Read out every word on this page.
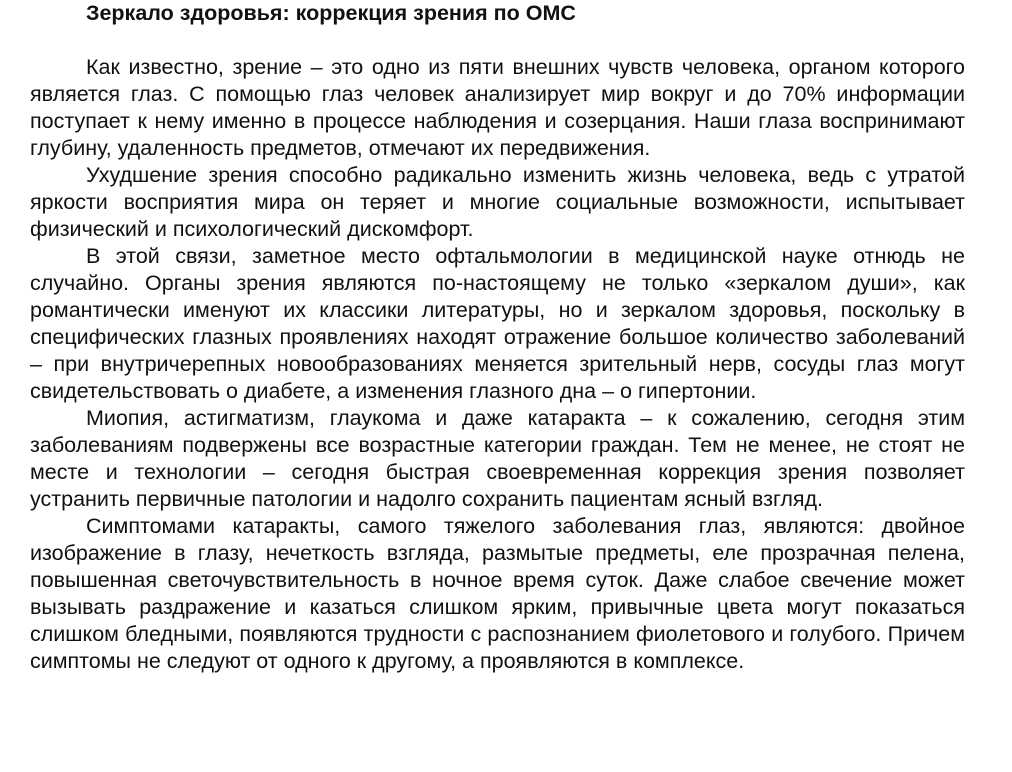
Зеркало здоровья: коррекция зрения по ОМС

Как известно, зрение – это одно из пяти внешних чувств человека, органом которого является глаз. С помощью глаз человек анализирует мир вокруг и до 70% информации поступает к нему именно в процессе наблюдения и созерцания. Наши глаза воспринимают глубину, удаленность предметов, отмечают их передвижения.

Ухудшение зрения способно радикально изменить жизнь человека, ведь с утратой яркости восприятия мира он теряет и многие социальные возможности, испытывает физический и психологический дискомфорт.

В этой связи, заметное место офтальмологии в медицинской науке отнюдь не случайно. Органы зрения являются по-настоящему не только «зеркалом души», как романтически именуют их классики литературы, но и зеркалом здоровья, поскольку в специфических глазных проявлениях находят отражение большое количество заболеваний – при внутричерепных новообразованиях меняется зрительный нерв, сосуды глаз могут свидетельствовать о диабете, а изменения глазного дна – о гипертонии.

Миопия, астигматизм, глаукома и даже катаракта – к сожалению, сегодня этим заболеваниям подвержены все возрастные категории граждан. Тем не менее, не стоят не месте и технологии – сегодня быстрая своевременная коррекция зрения позволяет устранить первичные патологии и надолго сохранить пациентам ясный взгляд.

Симптомами катаракты, самого тяжелого заболевания глаз, являются: двойное изображение в глазу, нечеткость взгляда, размытые предметы, еле прозрачная пелена, повышенная светочувствительность в ночное время суток. Даже слабое свечение может вызывать раздражение и казаться слишком ярким, привычные цвета могут показаться слишком бледными, появляются трудности с распознанием фиолетового и голубого. Причем симптомы не следуют от одного к другому, а проявляются в комплексе.
